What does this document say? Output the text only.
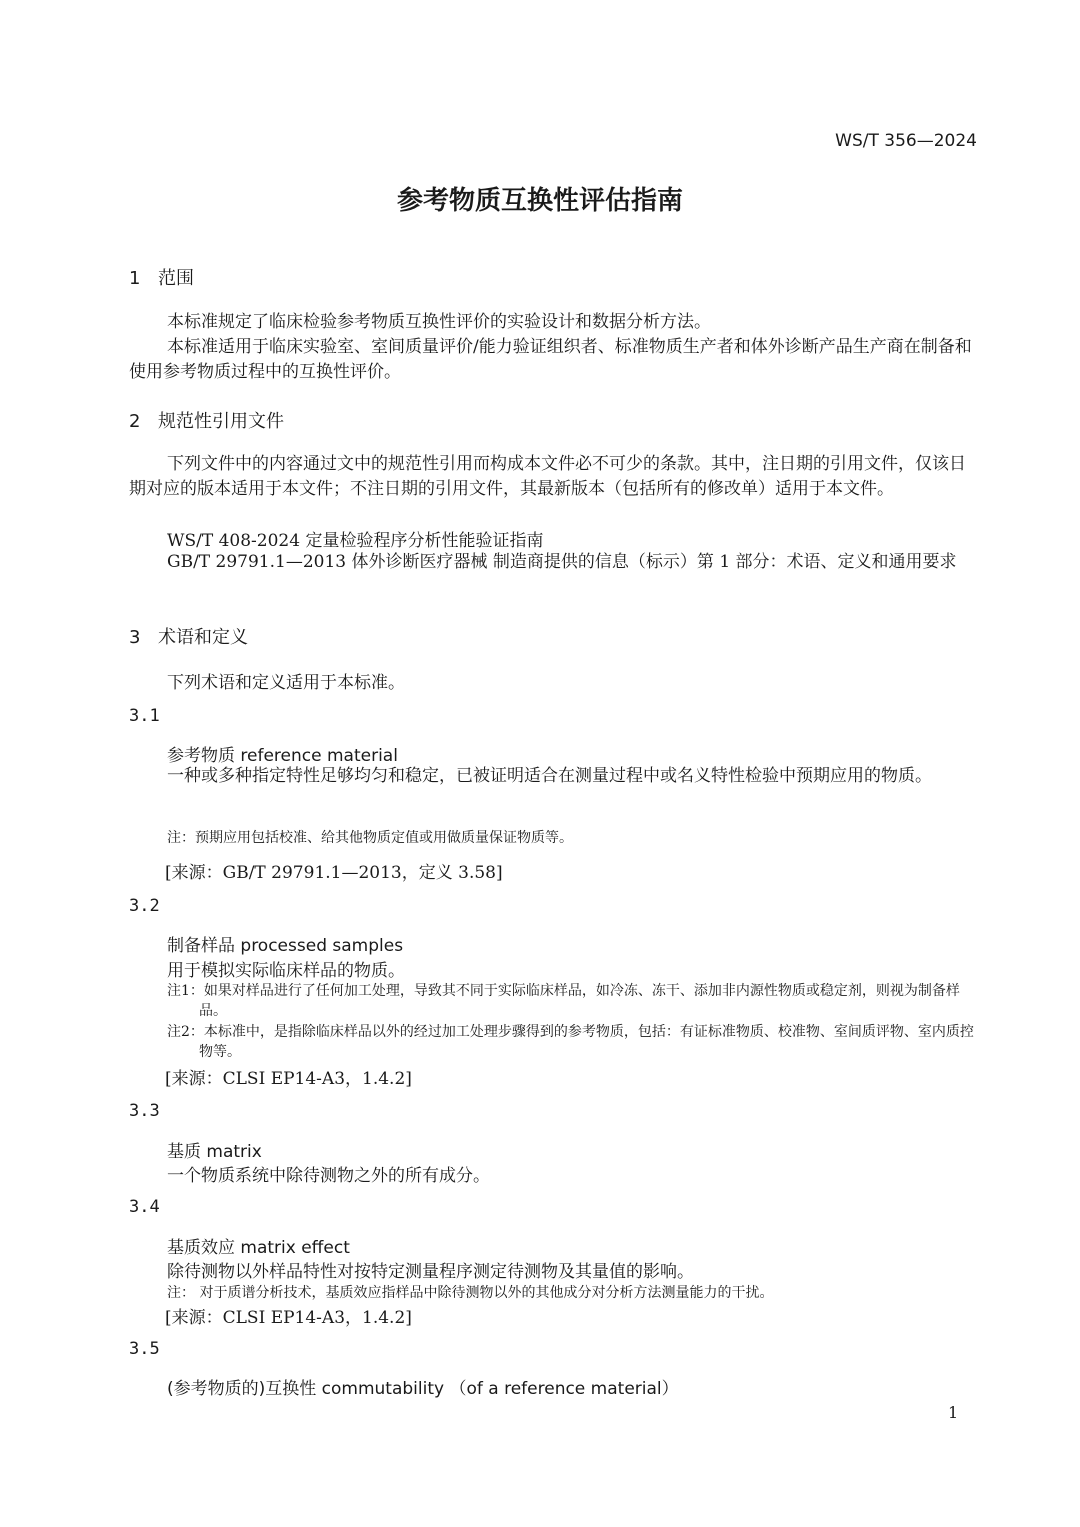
WS/T 356—2024
参考物质互换性评估指南
1 范围
本标准规定了临床检验参考物质互换性评价的实验设计和数据分析方法。
本标准适用于临床实验室、室间质量评价/能力验证组织者、标准物质生产者和体外诊断产品生产商在制备和使用参考物质过程中的互换性评价。
2 规范性引用文件
下列文件中的内容通过文中的规范性引用而构成本文件必不可少的条款。其中，注日期的引用文件，仅该日期对应的版本适用于本文件；不注日期的引用文件，其最新版本（包括所有的修改单）适用于本文件。
WS/T 408-2024 定量检验程序分析性能验证指南
GB/T 29791.1—2013 体外诊断医疗器械 制造商提供的信息（标示）第 1 部分：术语、定义和通用要求
3 术语和定义
下列术语和定义适用于本标准。
3.1
参考物质 reference material
一种或多种指定特性足够均匀和稳定，已被证明适合在测量过程中或名义特性检验中预期应用的物质。
注：预期应用包括校准、给其他物质定值或用做质量保证物质等。
[来源：GB/T 29791.1—2013，定义 3.58]
3.2
制备样品 processed samples
用于模拟实际临床样品的物质。
注1：如果对样品进行了任何加工处理，导致其不同于实际临床样品，如冷冻、冻干、添加非内源性物质或稳定剂，则视为制备样品。
注2：本标准中，是指除临床样品以外的经过加工处理步骤得到的参考物质，包括：有证标准物质、校准物、室间质评物、室内质控物等。
[来源：CLSI EP14-A3，1.4.2]
3.3
基质 matrix
一个物质系统中除待测物之外的所有成分。
3.4
基质效应 matrix effect
除待测物以外样品特性对按特定测量程序测定待测物及其量值的影响。
注： 对于质谱分析技术，基质效应指样品中除待测物以外的其他成分对分析方法测量能力的干扰。
[来源：CLSI EP14-A3，1.4.2]
3.5
(参考物质的)互换性 commutability （of a reference material）
1
